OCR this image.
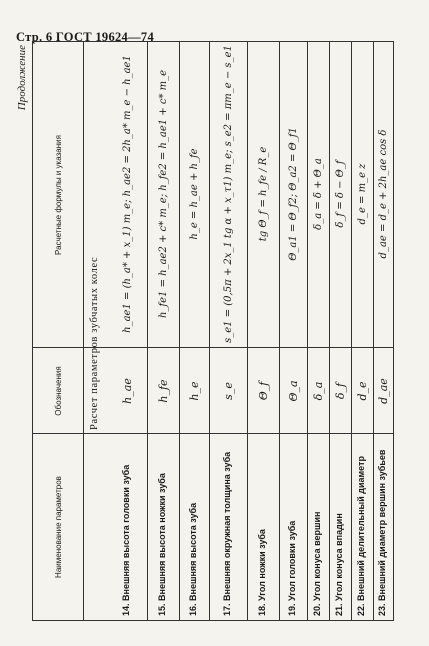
Стр. 6 ГОСТ 19624—74
Продолжение
Наименование параметров
Обозначения
Расчетные формулы и указания
Расчет параметров зубчатых колес
14. Внешняя высота головки зуба
h_ae
h_ae1 = (h_a* + x_1) m_e; h_ae2 = 2h_a* m_e − h_ae1
15. Внешняя высота ножки зуба
h_fe
h_fe1 = h_ae2 + c* m_e; h_fe2 = h_ae1 + c* m_e
16. Внешняя высота зуба
h_e
h_e = h_ae + h_fe
17. Внешняя окружная толщина зуба
s_e
s_e1 = (0,5π + 2x_1 tg α + x_τ1) m_e; s_e2 = πm_e − s_e1
18. Угол ножки зуба
Θ_f
tg Θ_f = h_fe / R_e
19. Угол головки зуба
Θ_a
Θ_a1 = Θ_f2; Θ_a2 = Θ_f1
20. Угол конуса вершин
δ_a
δ_a = δ + Θ_a
21. Угол конуса впадин
δ_f
δ_f = δ − Θ_f
22. Внешний делительный диаметр
d_e
d_e = m_e z
23. Внешний диаметр вершин зубьев
d_ae
d_ae = d_e + 2h_ae cos δ
